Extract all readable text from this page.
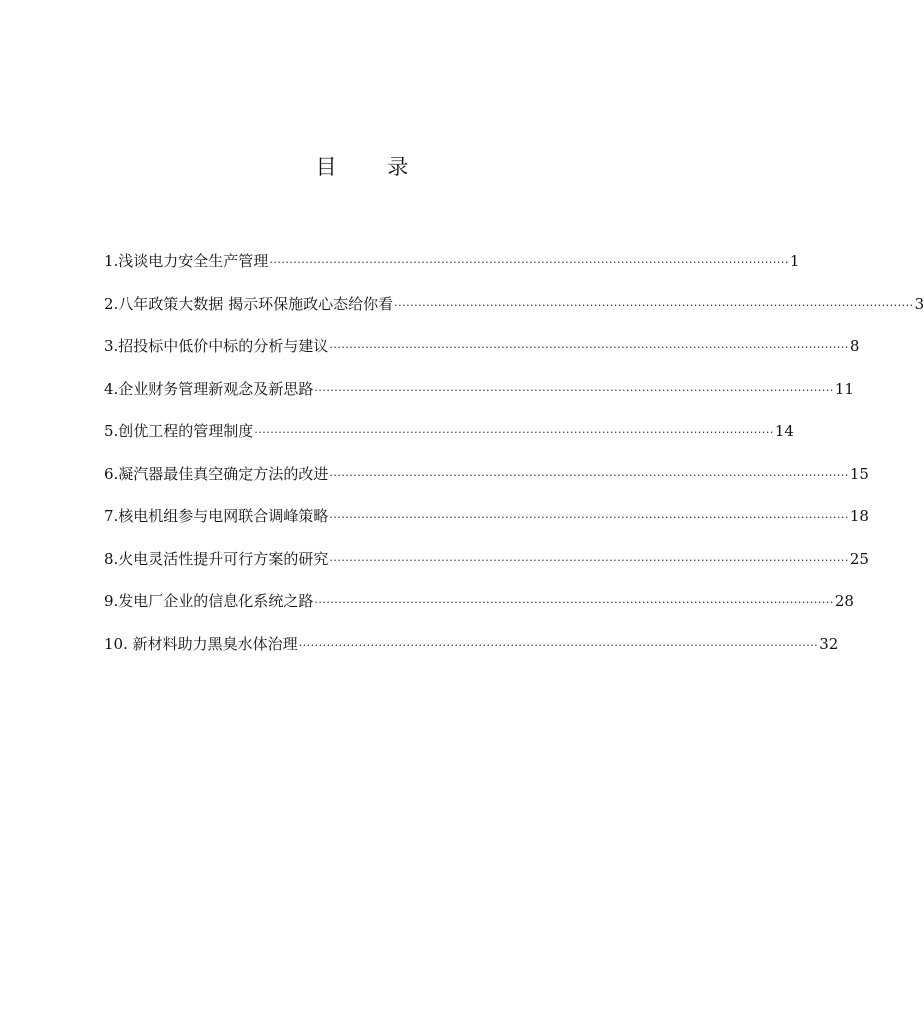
目 录
1.浅谈电力安全生产管理 ·································································································································· 1
2.八年政策大数据 揭示环保施政心态给你看 ·································································································································· 3
3.招投标中低价中标的分析与建议 ·································································································································· 8
4.企业财务管理新观念及新思路 ·································································································································· 11
5.创优工程的管理制度 ·································································································································· 14
6.凝汽器最佳真空确定方法的改进 ·································································································································· 15
7.核电机组参与电网联合调峰策略 ·································································································································· 18
8.火电灵活性提升可行方案的研究 ·································································································································· 25
9.发电厂企业的信息化系统之路 ·································································································································· 28
10. 新材料助力黑臭水体治理 ·································································································································· 32
